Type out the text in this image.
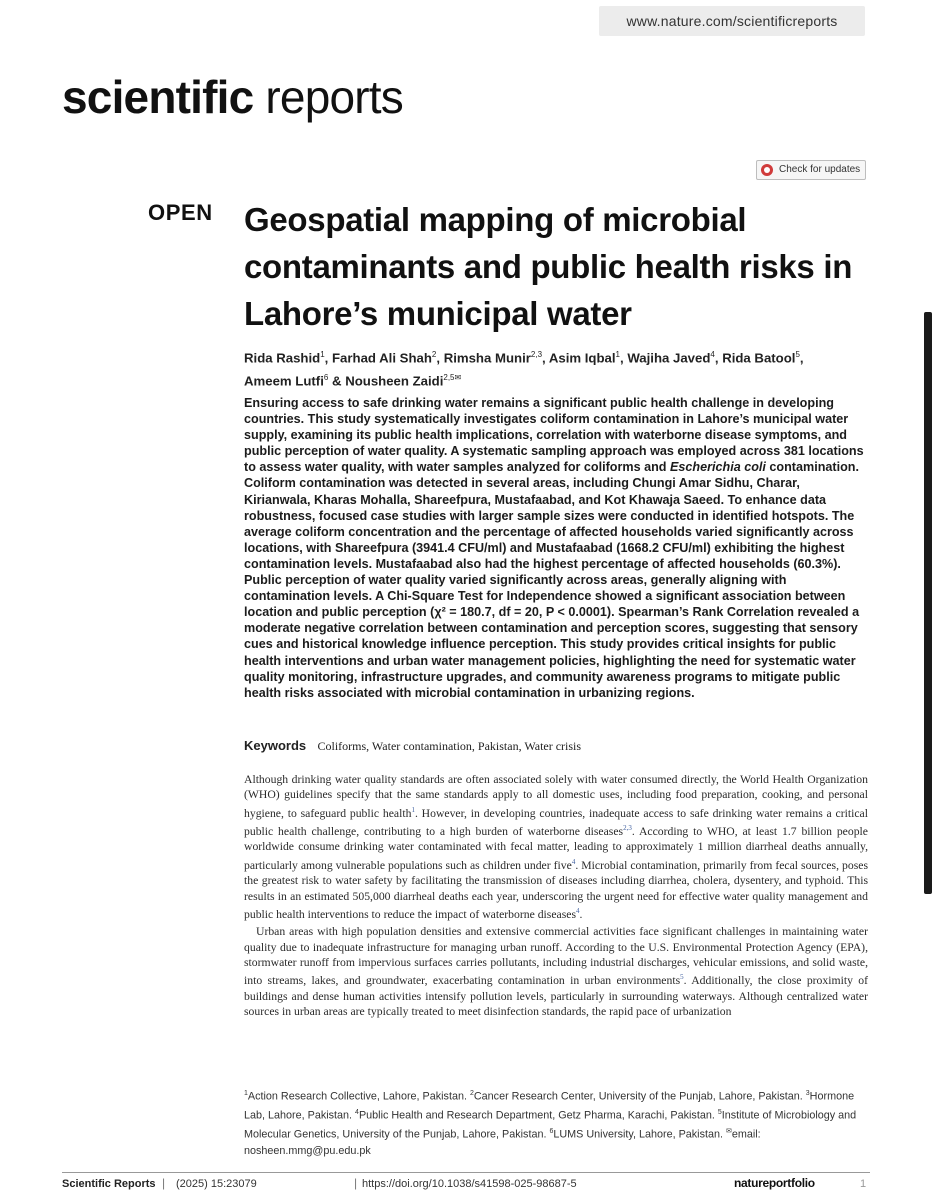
www.nature.com/scientificreports
scientific reports
Check for updates
OPEN Geospatial mapping of microbial contaminants and public health risks in Lahore’s municipal water
Rida Rashid$^1$, Farhad Ali Shah$^2$, Rimsha Munir$^{2,3}$, Asim Iqbal$^1$, Wajiha Javed$^4$, Rida Batool$^5$,
Ameem Lutfi$^6$ & Nousheen Zaidi$^{2,5✉}$
Ensuring access to safe drinking water remains a significant public health challenge in developing countries. This study systematically investigates coliform contamination in Lahore’s municipal water supply, examining its public health implications, correlation with waterborne disease symptoms, and public perception of water quality. A systematic sampling approach was employed across 381 locations to assess water quality, with water samples analyzed for coliforms and Escherichia coli contamination. Coliform contamination was detected in several areas, including Chungi Amar Sidhu, Charar, Kirianwala, Kharas Mohalla, Shareefpura, Mustafaabad, and Kot Khawaja Saeed. To enhance data robustness, focused case studies with larger sample sizes were conducted in identified hotspots. The average coliform concentration and the percentage of affected households varied significantly across locations, with Shareefpura (3941.4 CFU/ml) and Mustafaabad (1668.2 CFU/ml) exhibiting the highest contamination levels. Mustafaabad also had the highest percentage of affected households (60.3%). Public perception of water quality varied significantly across areas, generally aligning with contamination levels. A Chi-Square Test for Independence showed a significant association between location and public perception (χ² = 180.7, df = 20, P < 0.0001). Spearman’s Rank Correlation revealed a moderate negative correlation between contamination and perception scores, suggesting that sensory cues and historical knowledge influence perception. This study provides critical insights for public health interventions and urban water management policies, highlighting the need for systematic water quality monitoring, infrastructure upgrades, and community awareness programs to mitigate public health risks associated with microbial contamination in urbanizing regions.
Keywords Coliforms, Water contamination, Pakistan, Water crisis

Although drinking water quality standards are often associated solely with water consumed directly, the World Health Organization (WHO) guidelines specify that the same standards apply to all domestic uses, including food preparation, cooking, and personal hygiene, to safeguard public health$^1$. However, in developing countries, inadequate access to safe drinking water remains a critical public health challenge, contributing to a high burden of waterborne diseases$^{2,3}$. According to WHO, at least 1.7 billion people worldwide consume drinking water contaminated with fecal matter, leading to approximately 1 million diarrheal deaths annually, particularly among vulnerable populations such as children under five$^4$. Microbial contamination, primarily from fecal sources, poses the greatest risk to water safety by facilitating the transmission of diseases including diarrhea, cholera, dysentery, and typhoid. This results in an estimated 505,000 diarrheal deaths each year, underscoring the urgent need for effective water quality management and public health interventions to reduce the impact of waterborne diseases$^4$.

Urban areas with high population densities and extensive commercial activities face significant challenges in maintaining water quality due to inadequate infrastructure for managing urban runoff. According to the U.S. Environmental Protection Agency (EPA), stormwater runoff from impervious surfaces carries pollutants, including industrial discharges, vehicular emissions, and solid waste, into streams, lakes, and groundwater, exacerbating contamination in urban environments$^5$. Additionally, the close proximity of buildings and dense human activities intensify pollution levels, particularly in surrounding waterways. Although centralized water sources in urban areas are typically treated to meet disinfection standards, the rapid pace of urbanization

$^1$Action Research Collective, Lahore, Pakistan. $^2$Cancer Research Center, University of the Punjab, Lahore, Pakistan. $^3$Hormone Lab, Lahore, Pakistan. $^4$Public Health and Research Department, Getz Pharma, Karachi, Pakistan. $^5$Institute of Microbiology and Molecular Genetics, University of the Punjab, Lahore, Pakistan. $^6$LUMS University, Lahore, Pakistan. ✉email: nosheen.mmg@pu.edu.pk
Scientific Reports | (2025) 15:23079	| https://doi.org/10.1038/s41598-025-98687-5	natureportfolio	1
